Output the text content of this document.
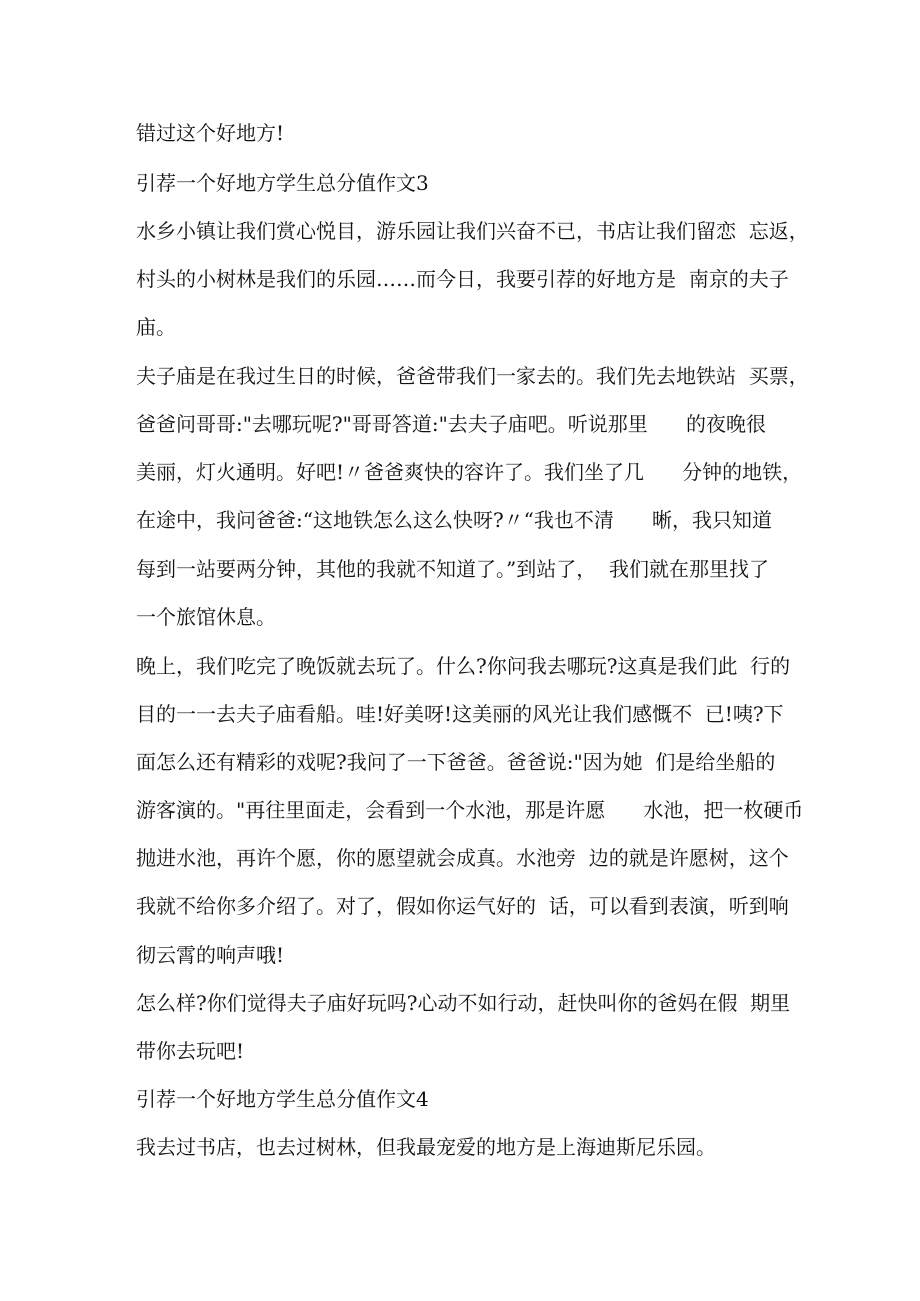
错过这个好地方!
引荐一个好地方学生总分值作文3
水乡小镇让我们赏心悦目，游乐园让我们兴奋不已，书店让我们留恋  忘返，
村头的小树林是我们的乐园……而今日，我要引荐的好地方是  南京的夫子
庙。
夫子庙是在我过生日的时候，爸爸带我们一家去的。我们先去地铁站  买票，
爸爸问哥哥:"去哪玩呢?"哥哥答道:"去夫子庙吧。听说那里      的夜晚很
美丽，灯火通明。好吧!〃爸爸爽快的容许了。我们坐了几      分钟的地铁，
在途中，我问爸爸:“这地铁怎么这么快呀?〃“我也不清      晰，我只知道
每到一站要两分钟，其他的我就不知道了。”到站了，  我们就在那里找了
一个旅馆休息。
晚上，我们吃完了晚饭就去玩了。什么?你问我去哪玩?这真是我们此  行的
目的一一去夫子庙看船。哇!好美呀!这美丽的风光让我们感慨不  已!咦?下
面怎么还有精彩的戏呢?我问了一下爸爸。爸爸说:"因为她  们是给坐船的
游客演的。"再往里面走，会看到一个水池，那是许愿      水池，把一枚硬币
抛进水池，再许个愿，你的愿望就会成真。水池旁  边的就是许愿树，这个
我就不给你多介绍了。对了，假如你运气好的  话，可以看到表演，听到响
彻云霄的响声哦!
怎么样?你们觉得夫子庙好玩吗?心动不如行动，赶快叫你的爸妈在假  期里
带你去玩吧!
引荐一个好地方学生总分值作文4
我去过书店，也去过树林，但我最宠爱的地方是上海迪斯尼乐园。
